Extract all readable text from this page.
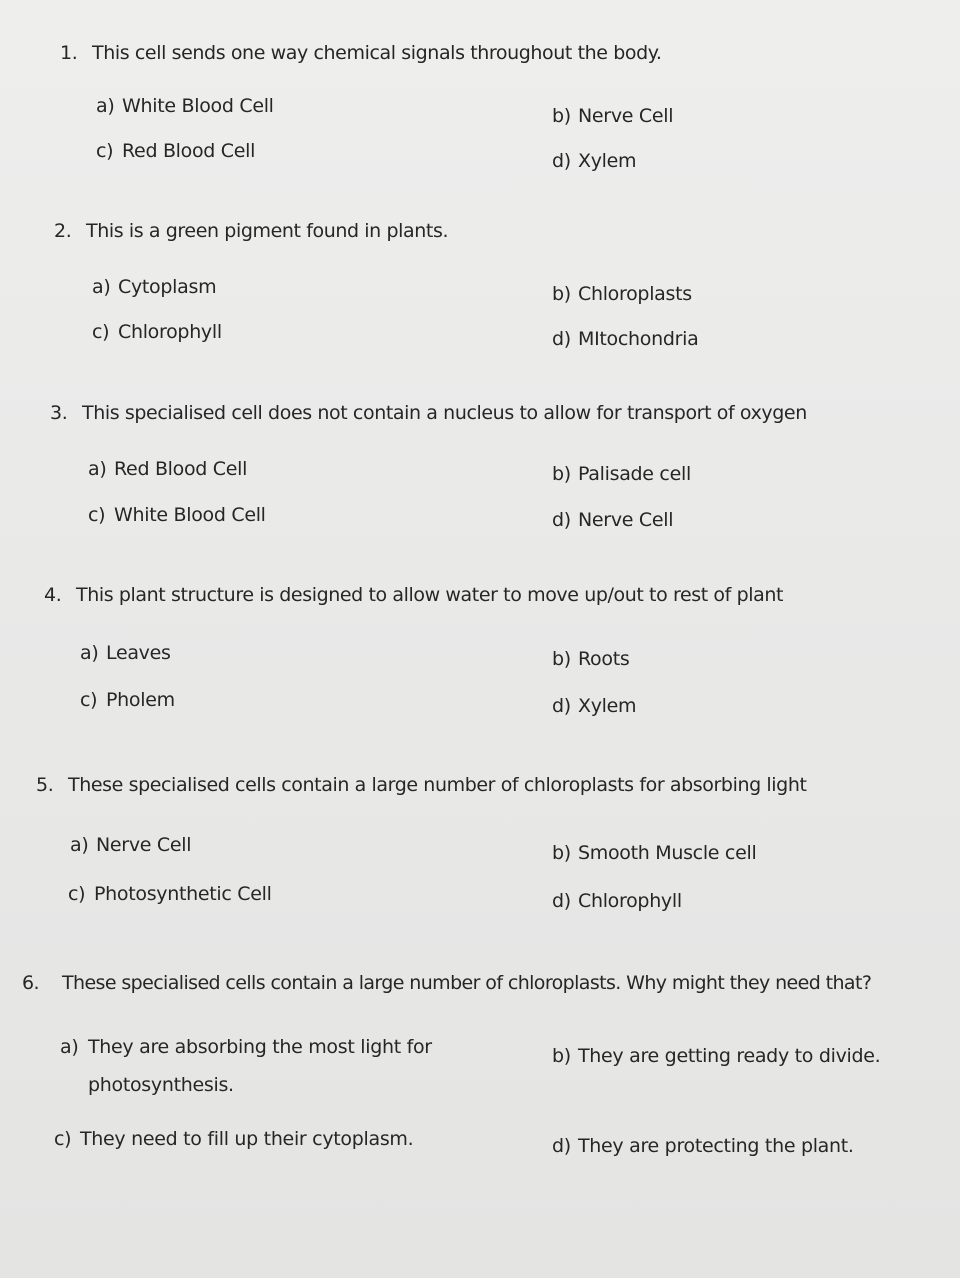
1. This cell sends one way chemical signals throughout the body.
a) White Blood Cell	b) Nerve Cell
c) Red Blood Cell	d) Xylem
2. This is a green pigment found in plants.
a) Cytoplasm	b) Chloroplasts
c) Chlorophyll	d) MItochondria
3. This specialised cell does not contain a nucleus to allow for transport of oxygen
a) Red Blood Cell	b) Palisade cell
c) White Blood Cell	d) Nerve Cell
4. This plant structure is designed to allow water to move up/out to rest of plant
a) Leaves	b) Roots
c) Pholem	d) Xylem
5. These specialised cells contain a large number of chloroplasts for absorbing light
a) Nerve Cell	b) Smooth Muscle cell
c) Photosynthetic Cell	d) Chlorophyll
6. These specialised cells contain a large number of chloroplasts. Why might they need that?
a) They are absorbing the most light for
photosynthesis.
b) They are getting ready to divide.
c) They need to fill up their cytoplasm.	d) They are protecting the plant.
